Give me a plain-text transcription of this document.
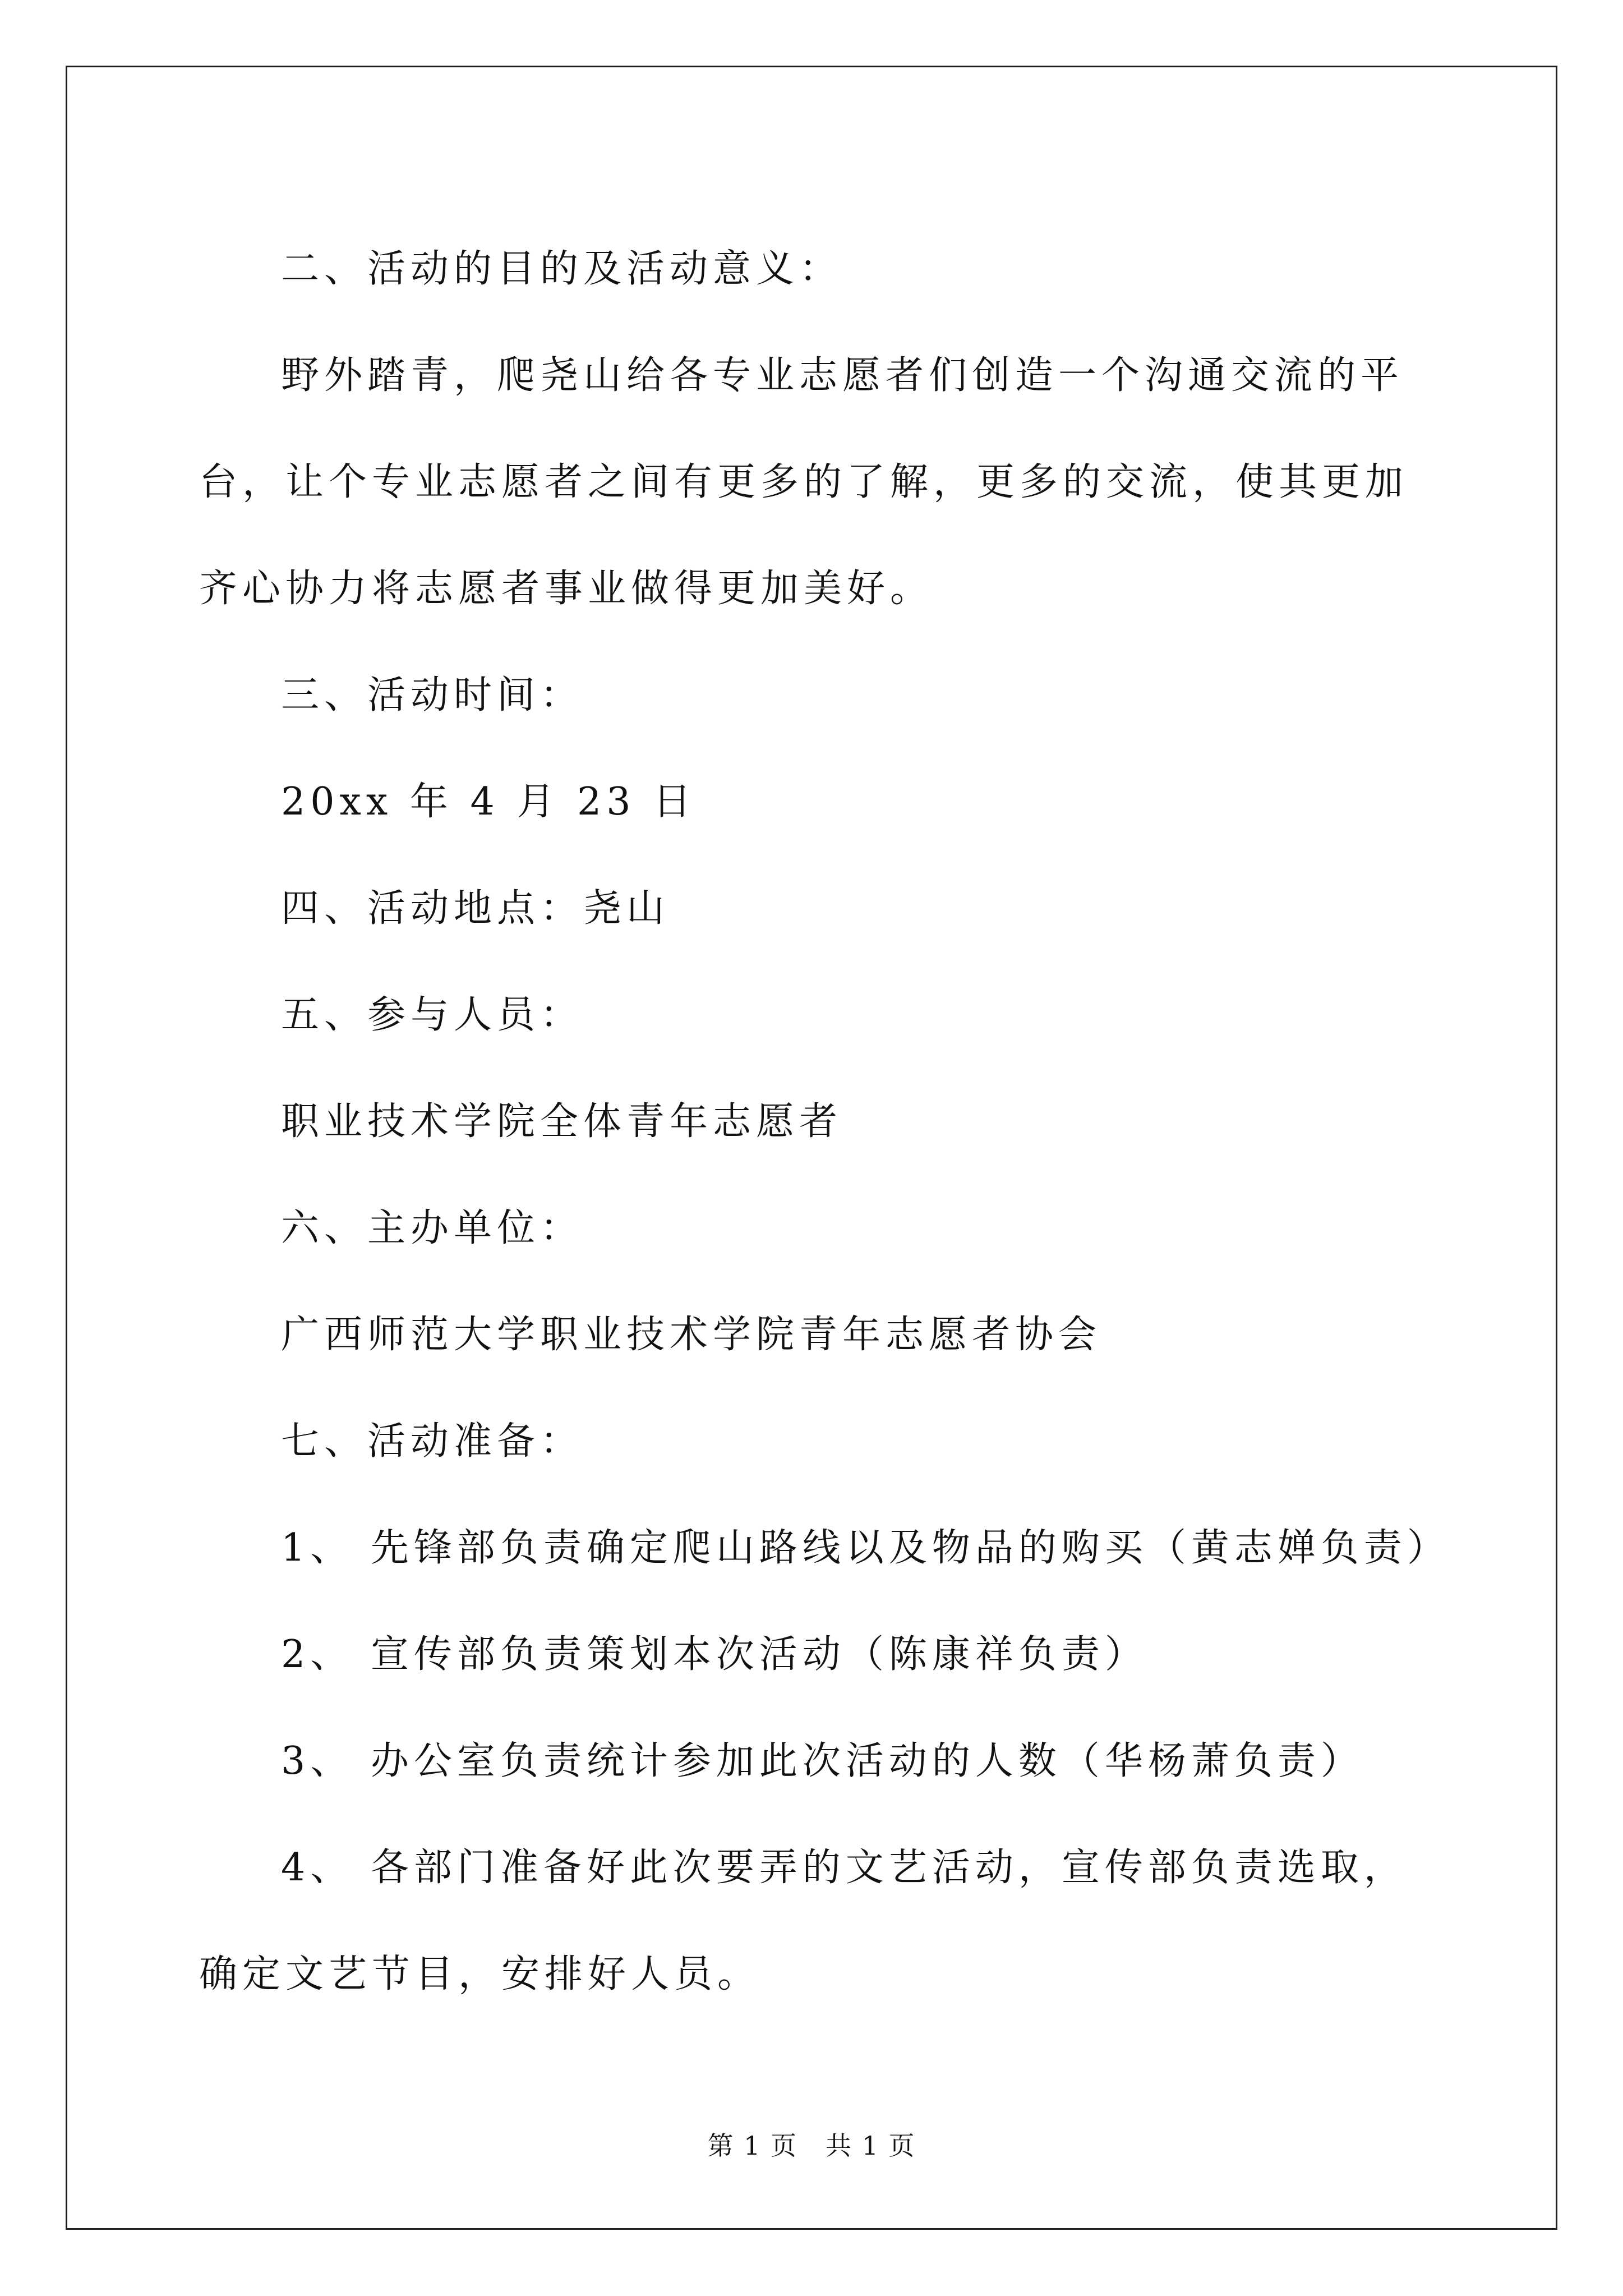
二、活动的目的及活动意义：

野外踏青，爬尧山给各专业志愿者们创造一个沟通交流的平台，让个专业志愿者之间有更多的了解，更多的交流，使其更加齐心协力将志愿者事业做得更加美好。

三、活动时间：

20xx 年 4 月 23 日

四、活动地点：尧山

五、参与人员：

职业技术学院全体青年志愿者

六、主办单位：

广西师范大学职业技术学院青年志愿者协会

七、活动准备：

1、 先锋部负责确定爬山路线以及物品的购买（黄志婵负责）

2、 宣传部负责策划本次活动（陈康祥负责）

3、 办公室负责统计参加此次活动的人数（华杨萧负责）

4、 各部门准备好此次要弄的文艺活动，宣传部负责选取，确定文艺节目，安排好人员。

第 1 页 共 1 页
